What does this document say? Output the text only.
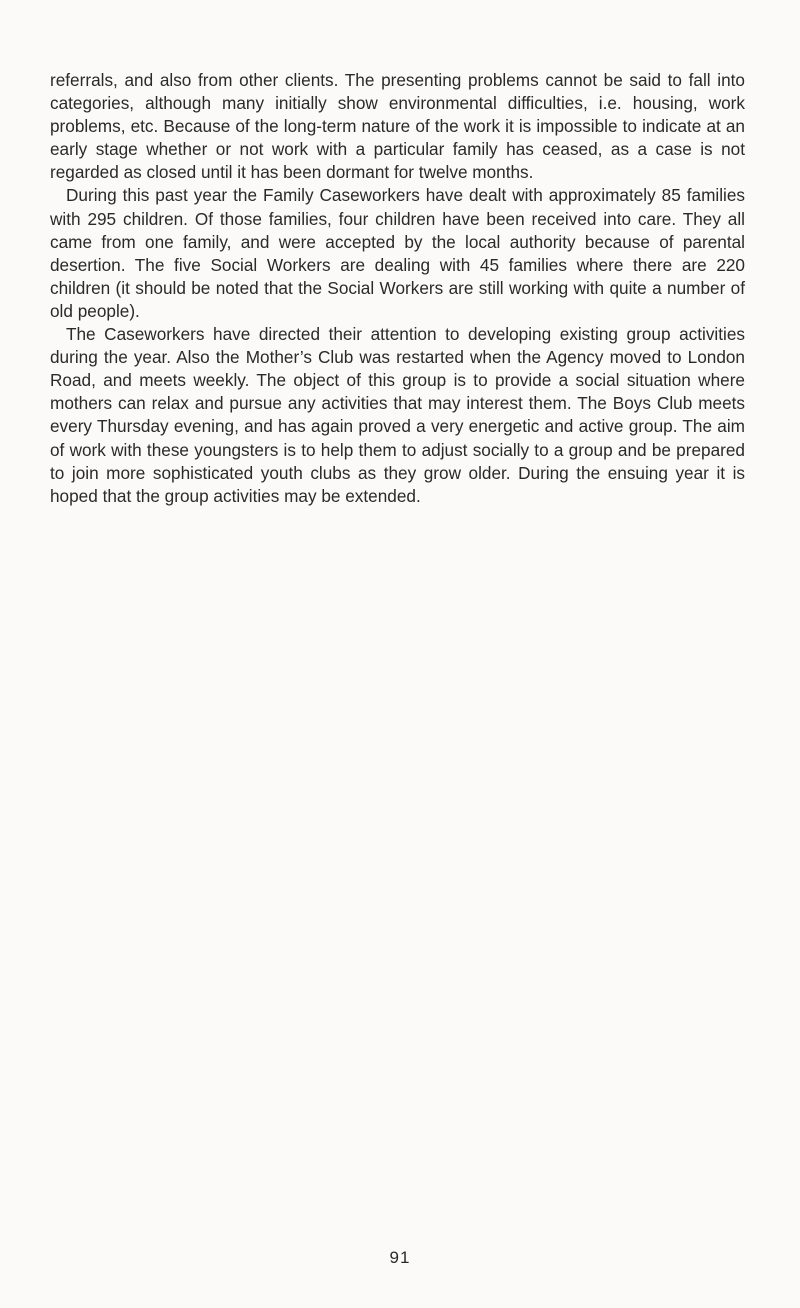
referrals, and also from other clients. The presenting problems cannot be said to fall into categories, although many initially show environmental difficulties, i.e. housing, work problems, etc. Because of the long-term nature of the work it is impossible to indicate at an early stage whether or not work with a particular family has ceased, as a case is not regarded as closed until it has been dormant for twelve months.

During this past year the Family Caseworkers have dealt with approximately 85 families with 295 children. Of those families, four children have been received into care. They all came from one family, and were accepted by the local authority because of parental desertion. The five Social Workers are dealing with 45 families where there are 220 children (it should be noted that the Social Workers are still working with quite a number of old people).

The Caseworkers have directed their attention to developing existing group activities during the year. Also the Mother’s Club was restarted when the Agency moved to London Road, and meets weekly. The object of this group is to provide a social situation where mothers can relax and pursue any activities that may interest them. The Boys Club meets every Thursday evening, and has again proved a very energetic and active group. The aim of work with these youngsters is to help them to adjust socially to a group and be prepared to join more sophisticated youth clubs as they grow older. During the ensuing year it is hoped that the group activities may be extended.

91
